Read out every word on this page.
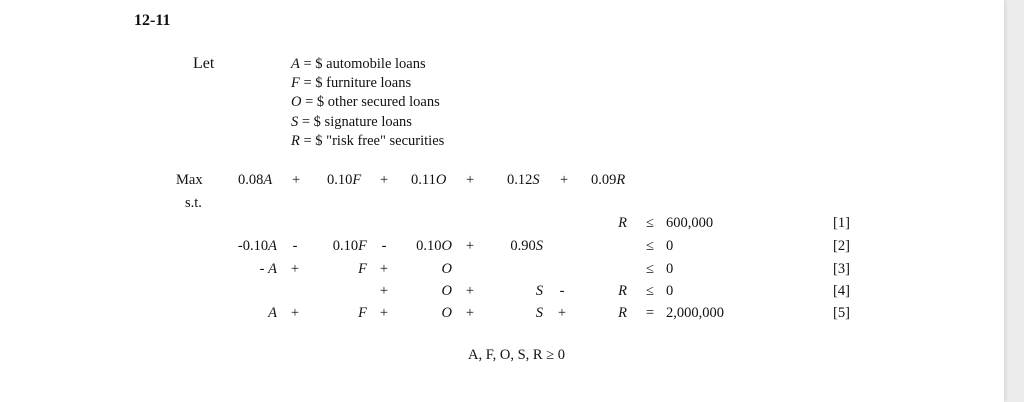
12-11
Let	A = $ automobile loans
F = $ furniture loans
O = $ other secured loans
S = $ signature loans
R = $ "risk free" securities
Max 0.08A + 0.10F + 0.11O + 0.12S + 0.09R
s.t.
R	≤ 600,000	[1]
-0.10A	-	0.10F	-	0.10O +	0.90S	≤ 0	[2]
- A +	F +	O	≤ 0	[3]
+	O +	S	-	R	≤ 0	[4]
A +	F +	O +	S	+	R	= 2,000,000	[5]
A, F, O, S, R ≥ 0
